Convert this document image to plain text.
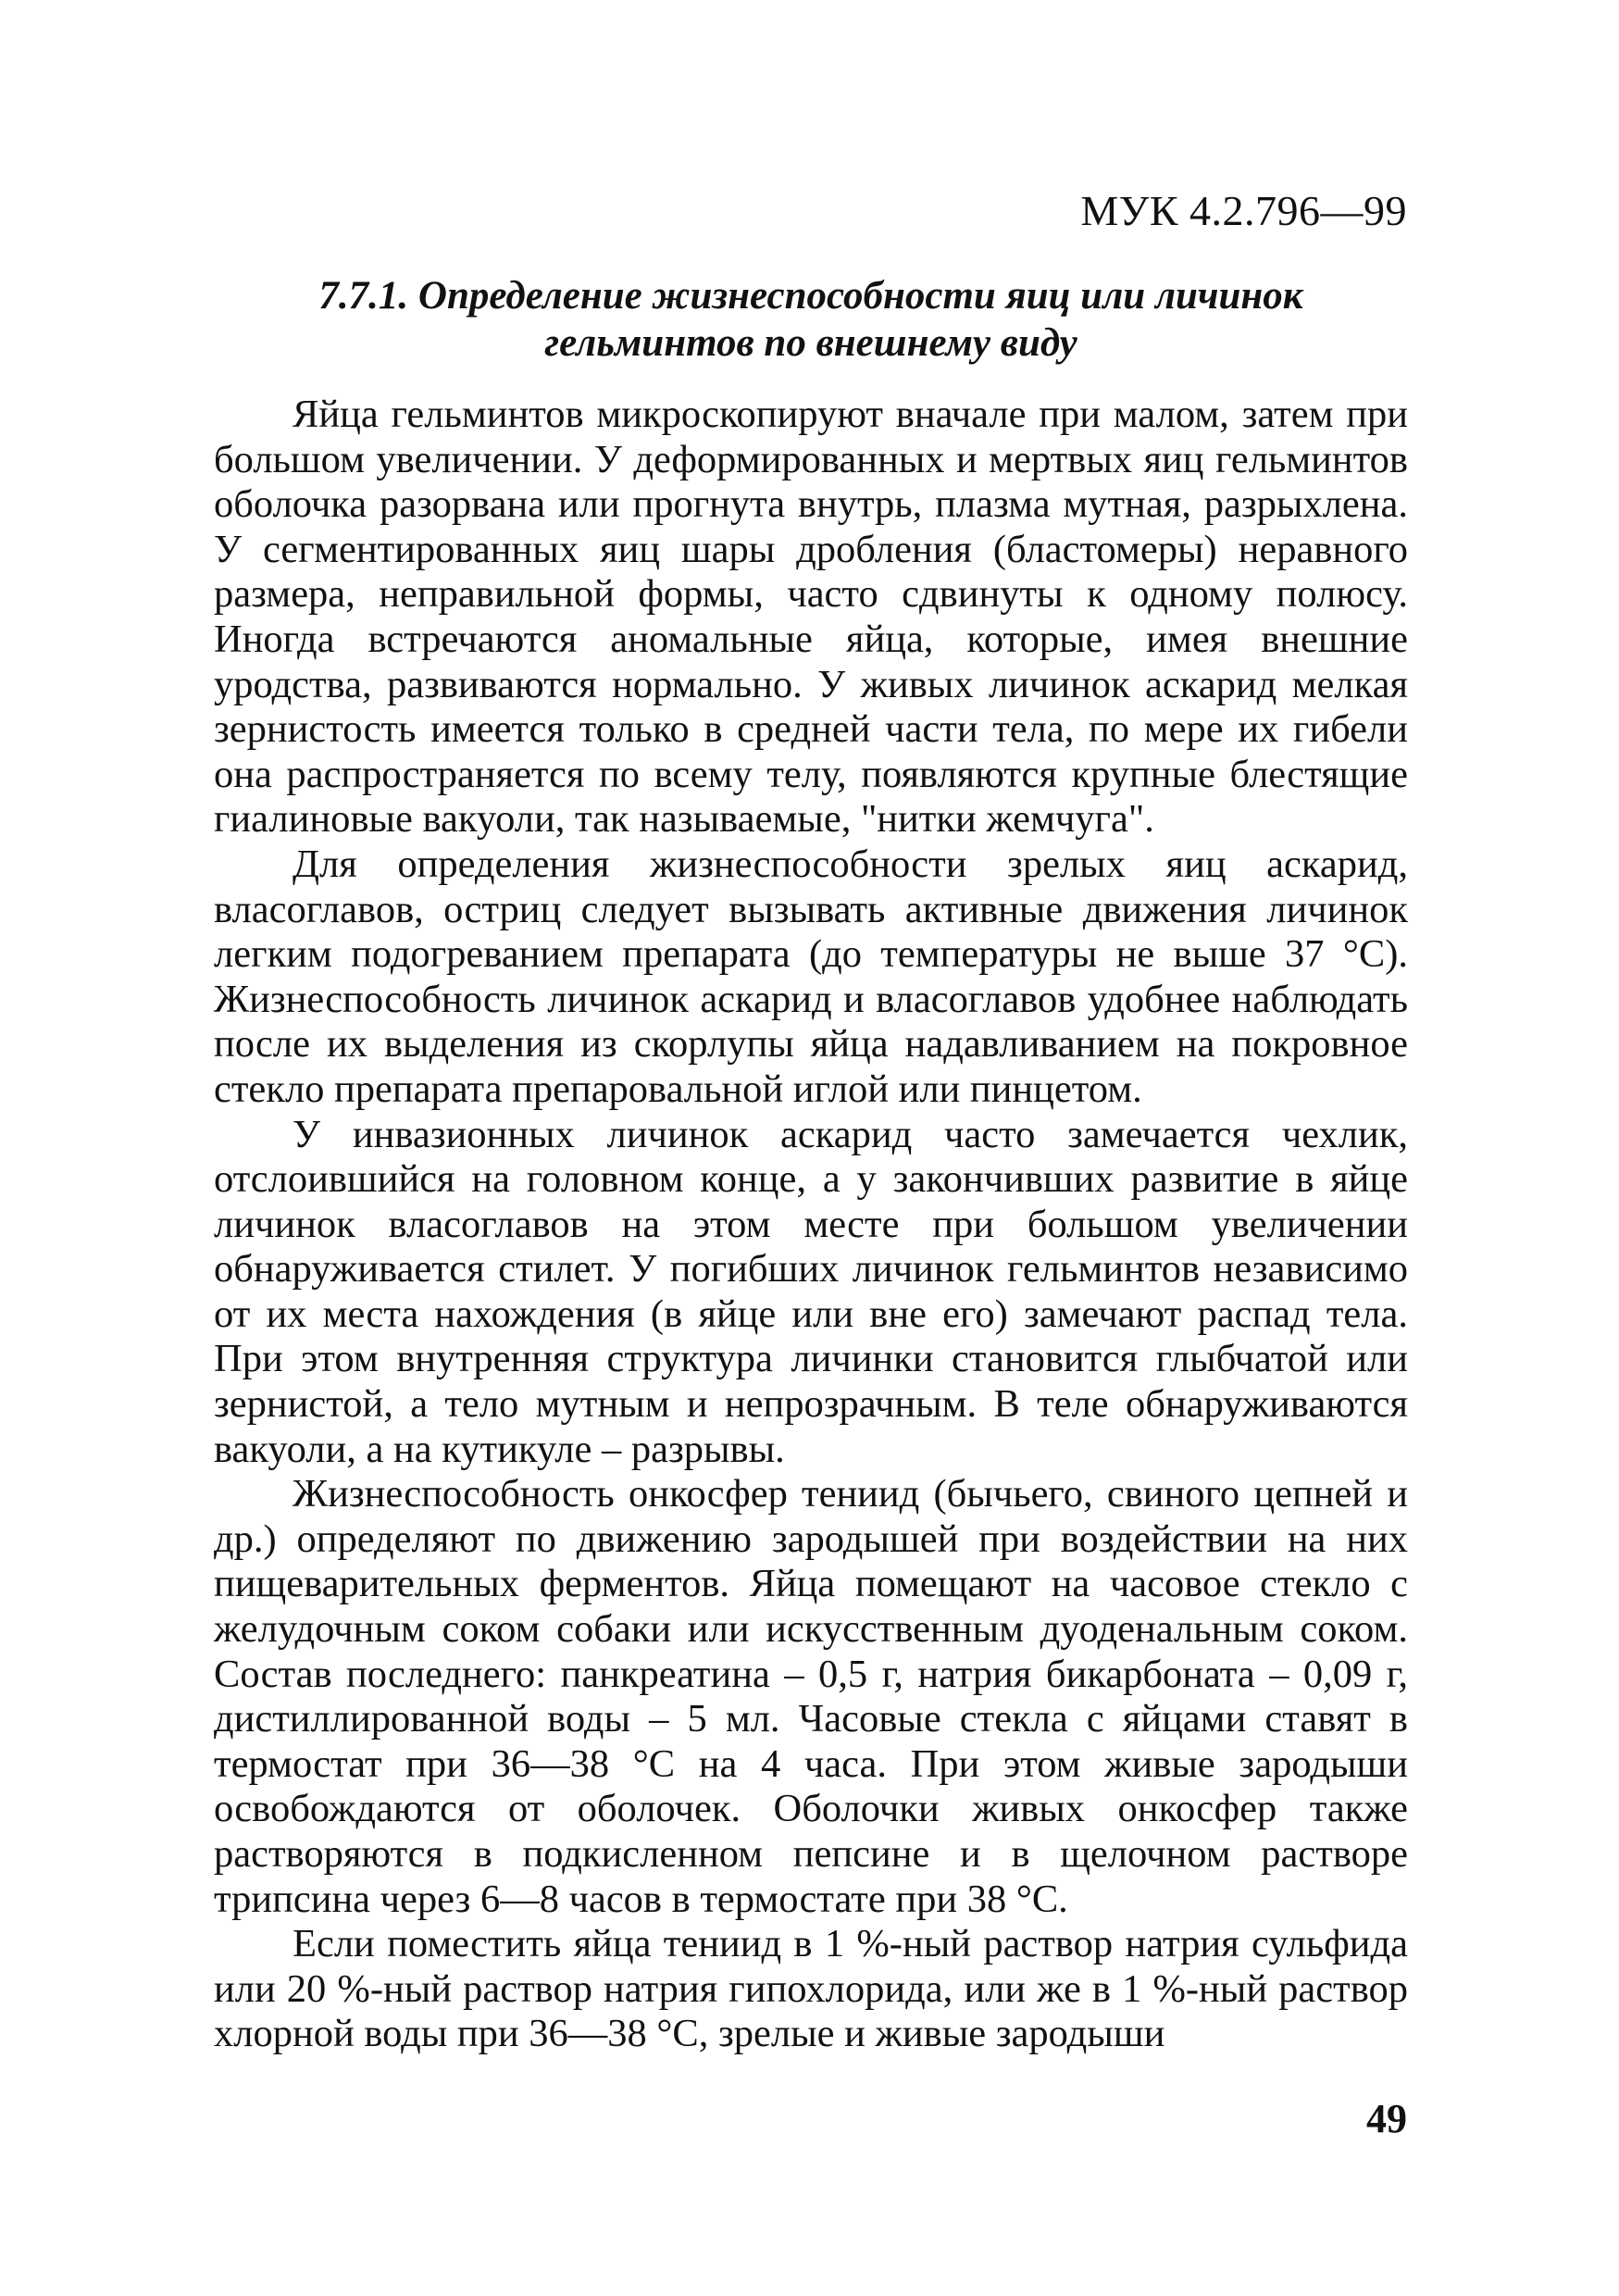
МУК 4.2.796—99
7.7.1. Определение жизнеспособности яиц или личинок гельминтов по внешнему виду

Яйца гельминтов микроскопируют вначале при малом, затем при большом увеличении. У деформированных и мертвых яиц гельминтов оболочка разорвана или прогнута внутрь, плазма мутная, разрыхлена. У сегментированных яиц шары дробления (бластомеры) неравного размера, неправильной формы, часто сдвинуты к одному полюсу. Иногда встречаются аномальные яйца, которые, имея внешние уродства, развиваются нормально. У живых личинок аскарид мелкая зернистость имеется только в средней части тела, по мере их гибели она распространяется по всему телу, появляются крупные блестящие гиалиновые вакуоли, так называемые, "нитки жемчуга".

Для определения жизнеспособности зрелых яиц аскарид, власоглавов, остриц следует вызывать активные движения личинок легким подогреванием препарата (до температуры не выше 37 °С). Жизнеспособность личинок аскарид и власоглавов удобнее наблюдать после их выделения из скорлупы яйца надавливанием на покровное стекло препарата препаровальной иглой или пинцетом.

У инвазионных личинок аскарид часто замечается чехлик, отслоившийся на головном конце, а у закончивших развитие в яйце личинок власоглавов на этом месте при большом увеличении обнаруживается стилет. У погибших личинок гельминтов независимо от их места нахождения (в яйце или вне его) замечают распад тела. При этом внутренняя структура личинки становится глыбчатой или зернистой, а тело мутным и непрозрачным. В теле обнаруживаются вакуоли, а на кутикуле – разрывы.

Жизнеспособность онкосфер тениид (бычьего, свиного цепней и др.) определяют по движению зародышей при воздействии на них пищеварительных ферментов. Яйца помещают на часовое стекло с желудочным соком собаки или искусственным дуоденальным соком. Состав последнего: панкреатина – 0,5 г, натрия бикарбоната – 0,09 г, дистиллированной воды – 5 мл. Часовые стекла с яйцами ставят в термостат при 36—38 °С на 4 часа. При этом живые зародыши освобождаются от оболочек. Оболочки живых онкосфер также растворяются в подкисленном пепсине и в щелочном растворе трипсина через 6—8 часов в термостате при 38 °С.

Если поместить яйца тениид в 1 %-ный раствор натрия сульфида или 20 %-ный раствор натрия гипохлорида, или же в 1 %-ный раствор хлорной воды при 36—38 °С, зрелые и живые зародыши

49
